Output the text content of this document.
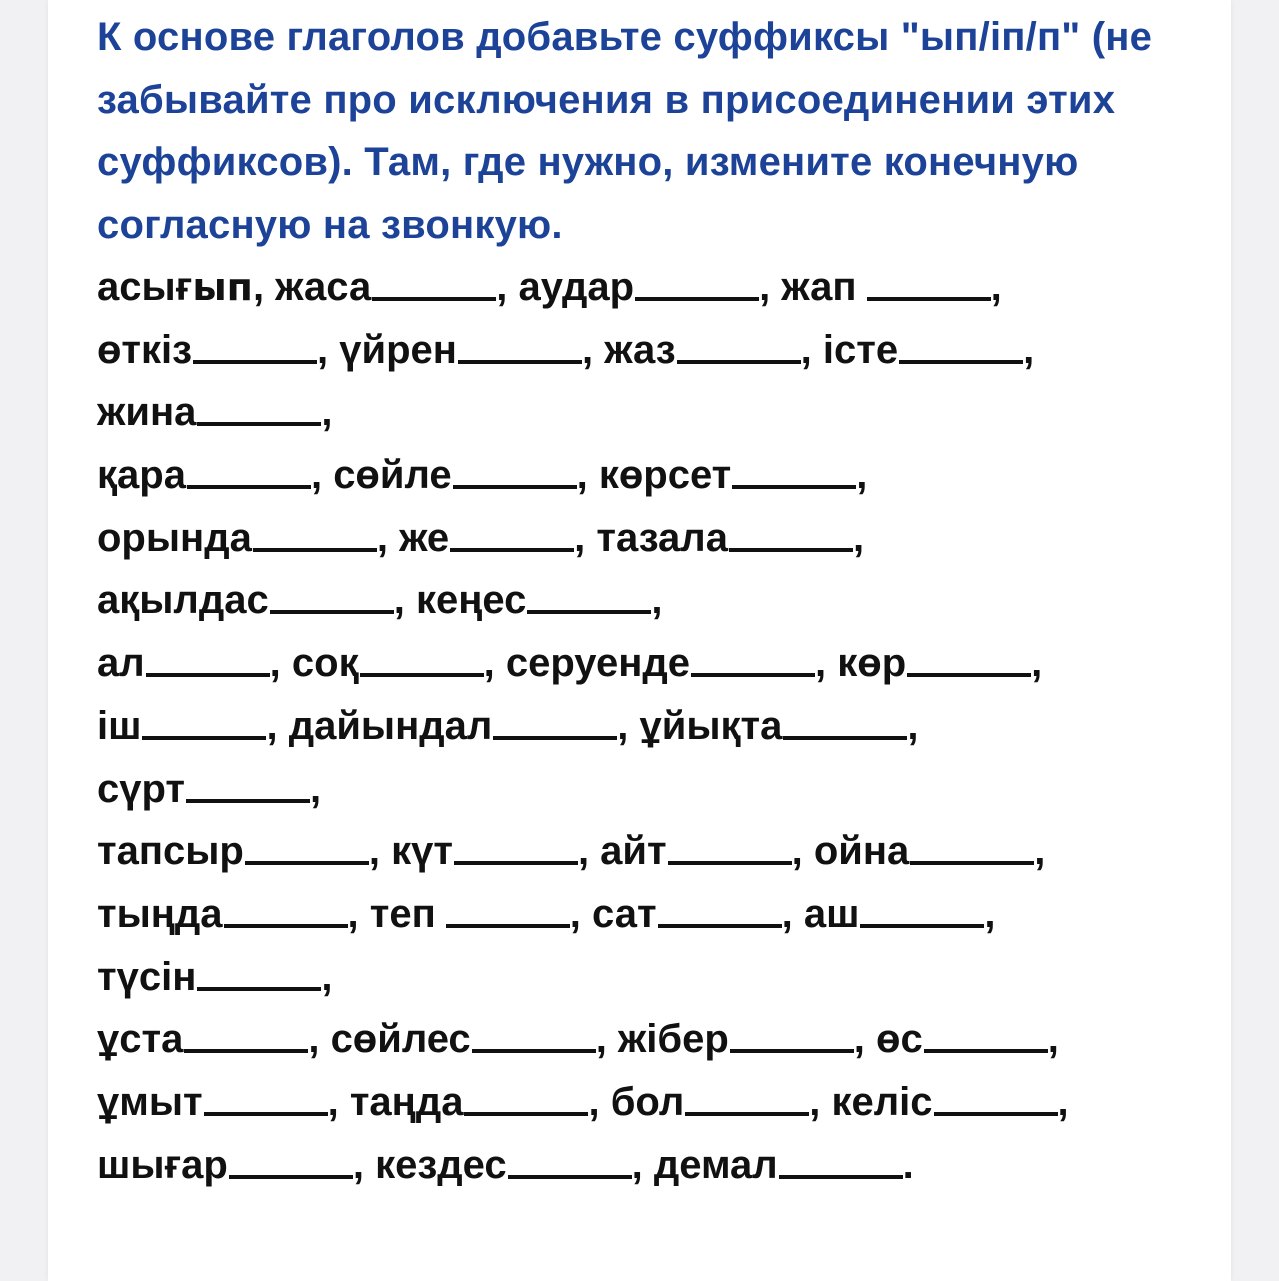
К основе глаголов добавьте суффиксы "ып/іп/п" (не забывайте про исключения в присоединении этих суффиксов). Там, где нужно, измените конечную согласную на звонкую.

асығып, жаса	, аудар	, жап	,
өткіз	, үйрен	, жаз	, істе	,
жина	,
қара	, сөйле	, көрсет	,
орында	, же	, тазала	,
ақылдас	, кеңес	,
ал	, соқ	, серуенде	, көр	,
іш	, дайындал	, ұйықта	,
сүрт	,
тапсыр	, күт	, айт	, ойна	,
тыңда	, теп	, сат	, аш	,
түсін	,
ұста	, сөйлес	, жібер	, өс	,
ұмыт	, таңда	, бол	, келіс	,
шығар	, кездес	, демал	.
